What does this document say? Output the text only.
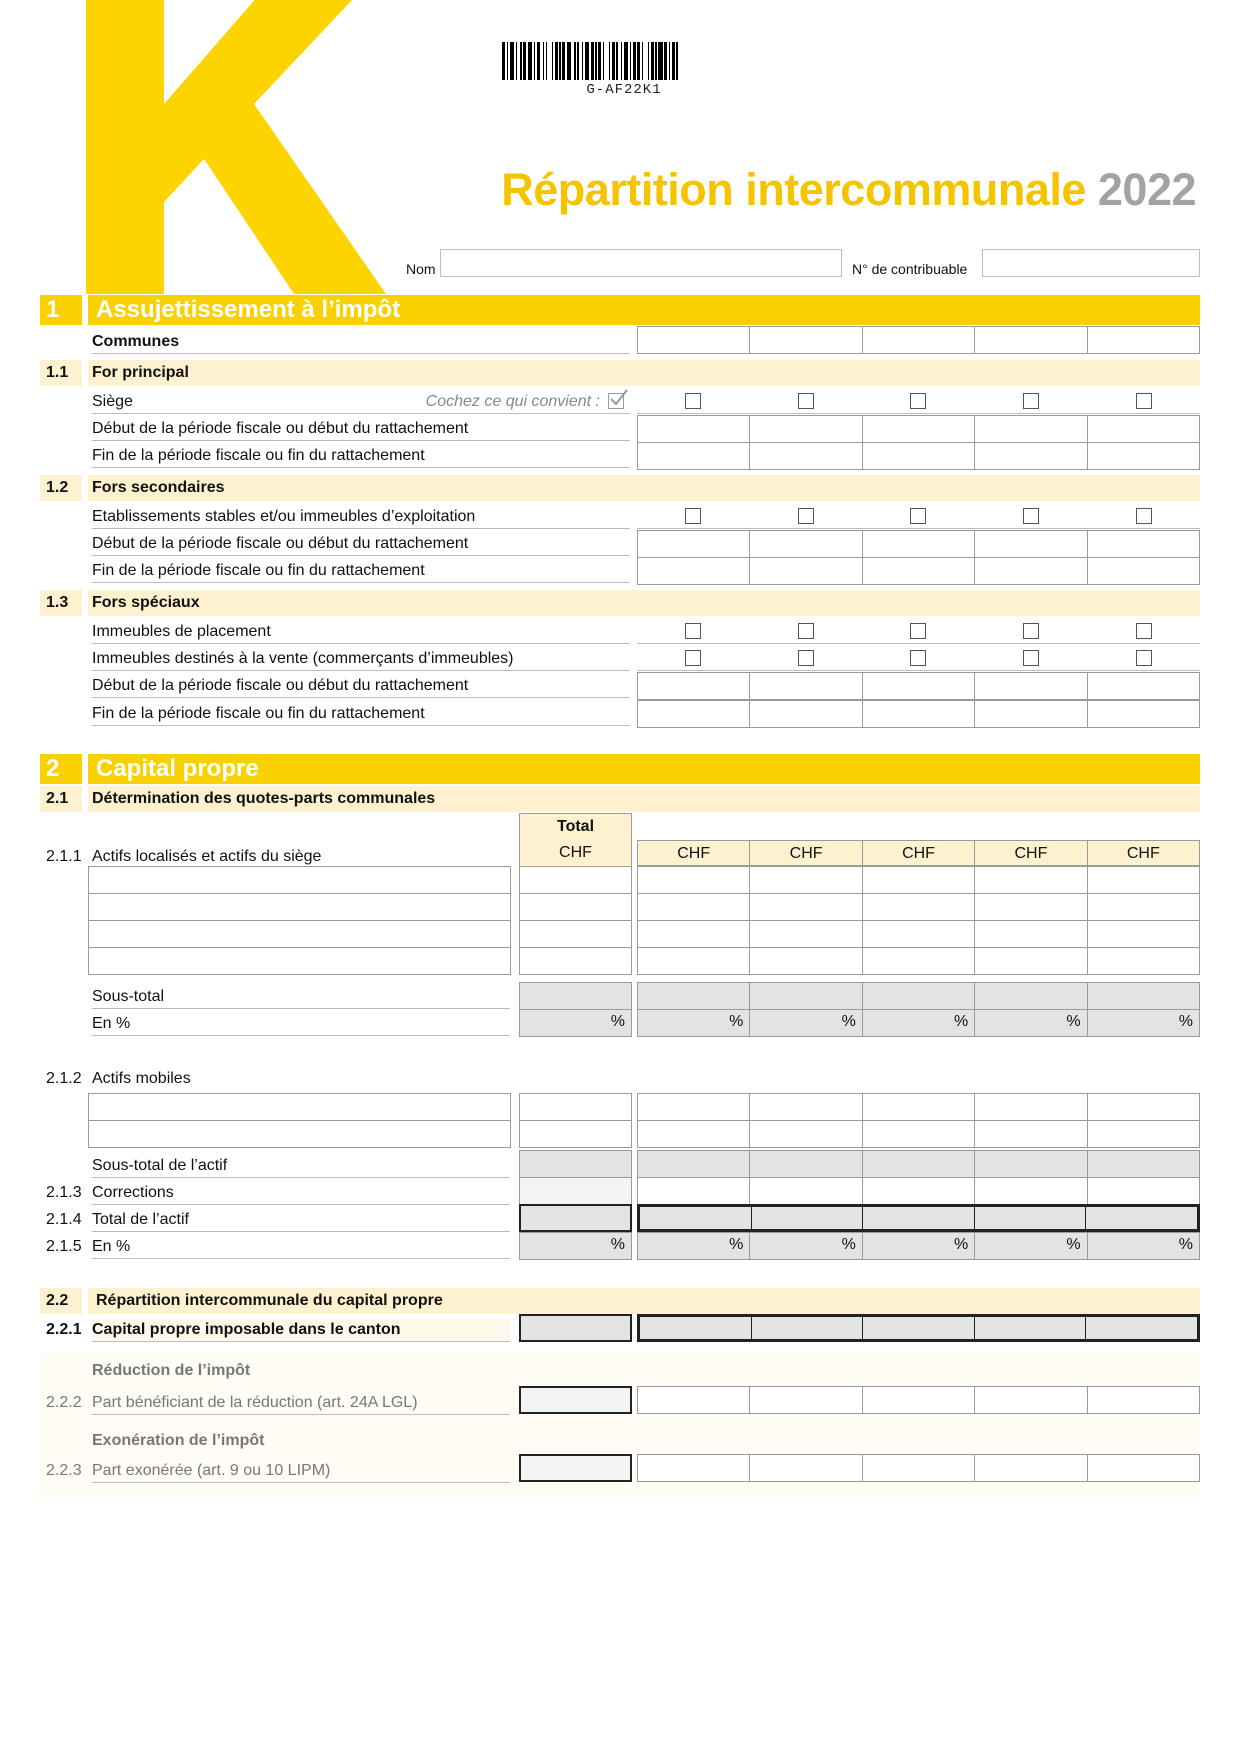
G-AF22K1
Répartition intercommunale 2022
Nom	N° de contribuable
1	Assujettissement à l’impôt
Communes
1.1	For principal
Siège	Cochez ce qui convient :
Début de la période fiscale ou début du rattachement
Fin de la période fiscale ou fin du rattachement
1.2	Fors secondaires
Etablissements stables et/ou immeubles d’exploitation
Début de la période fiscale ou début du rattachement
Fin de la période fiscale ou fin du rattachement
1.3	Fors spéciaux
Immeubles de placement
Immeubles destinés à la vente (commerçants d’immeubles)
Début de la période fiscale ou début du rattachement
Fin de la période fiscale ou fin du rattachement
2	Capital propre
2.1	Détermination des quotes-parts communales
Total
CHF	CHF	CHF	CHF	CHF	CHF
2.1.1 Actifs localisés et actifs du siège
Sous-total
En %	%	%	%	%	%	%
2.1.2 Actifs mobiles
Sous-total de l’actif
2.1.3 Corrections
2.1.4 Total de l’actif
2.1.5 En %	%	%	%	%	%	%
2.2	Répartition intercommunale du capital propre
2.2.1 Capital propre imposable dans le canton
Réduction de l’impôt
2.2.2 Part bénéficiant de la réduction (art. 24A LGL)
Exonération de l’impôt
2.2.3 Part exonérée (art. 9 ou 10 LIPM)
